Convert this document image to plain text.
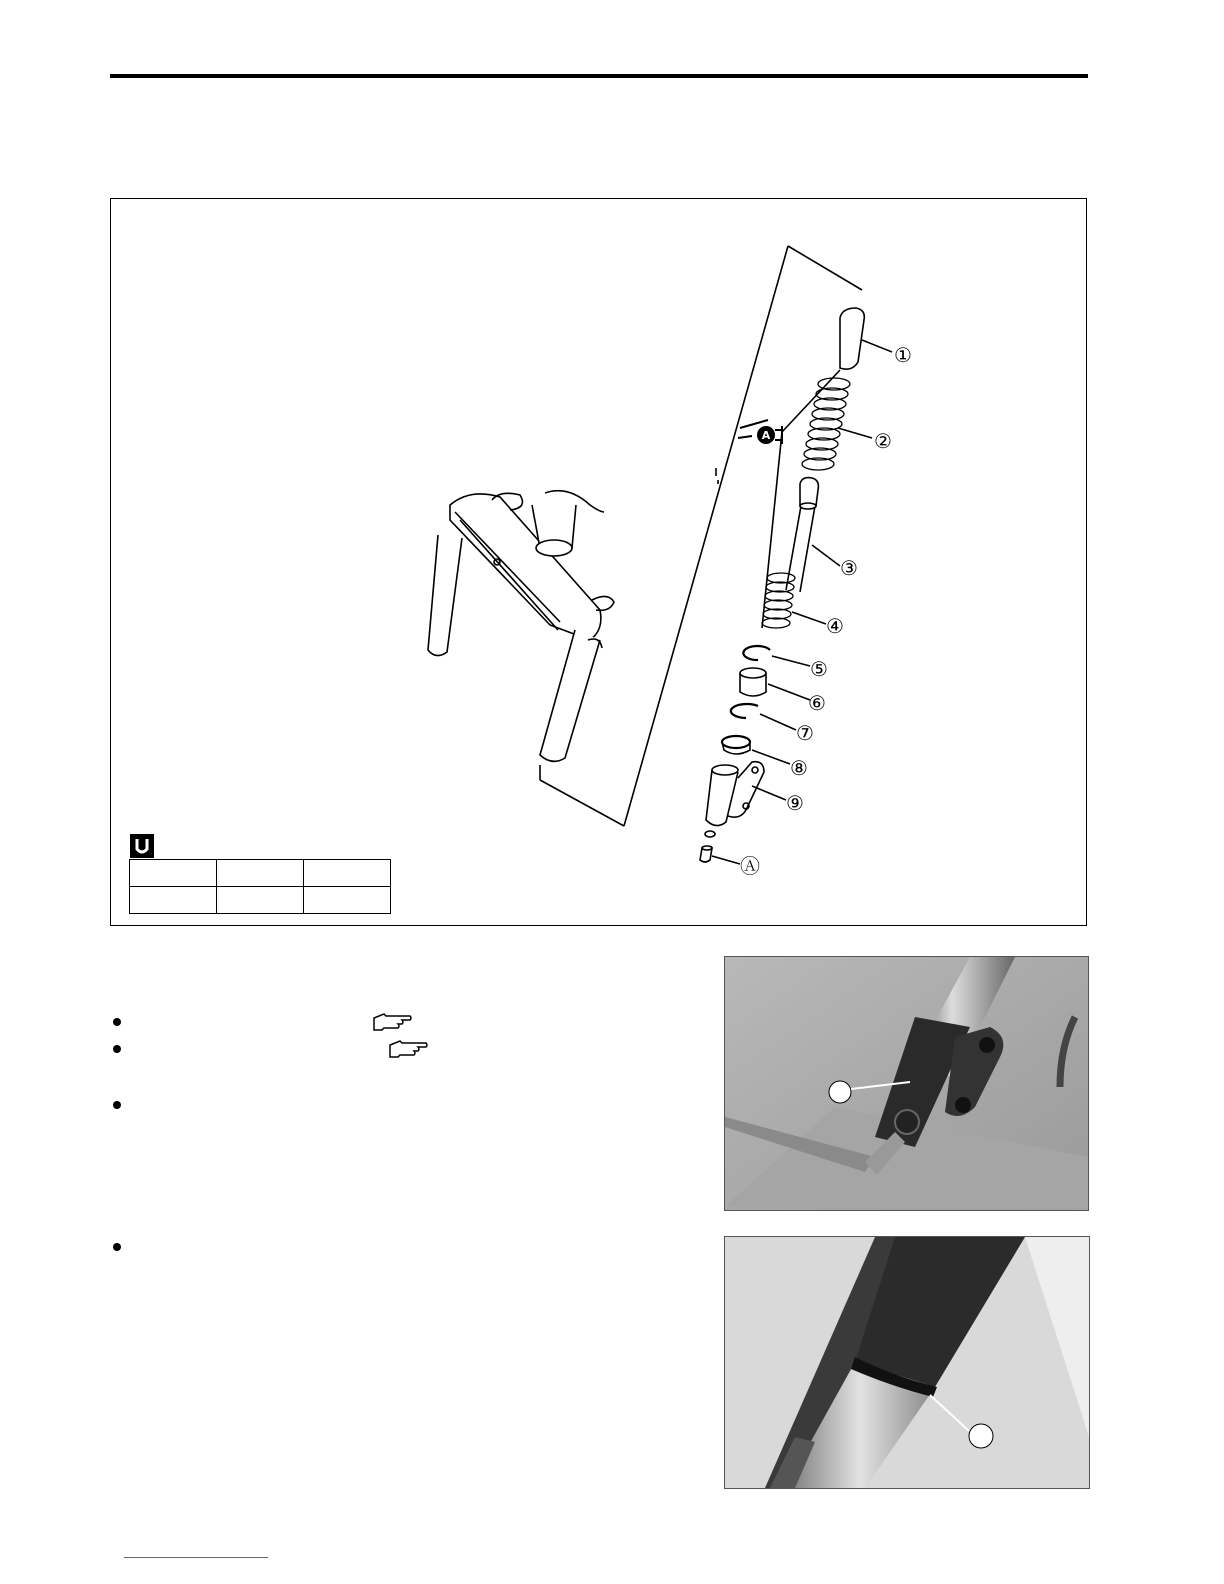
A
①
②
③
④
⑤
⑥
⑦
⑧
⑨
Ⓐ
